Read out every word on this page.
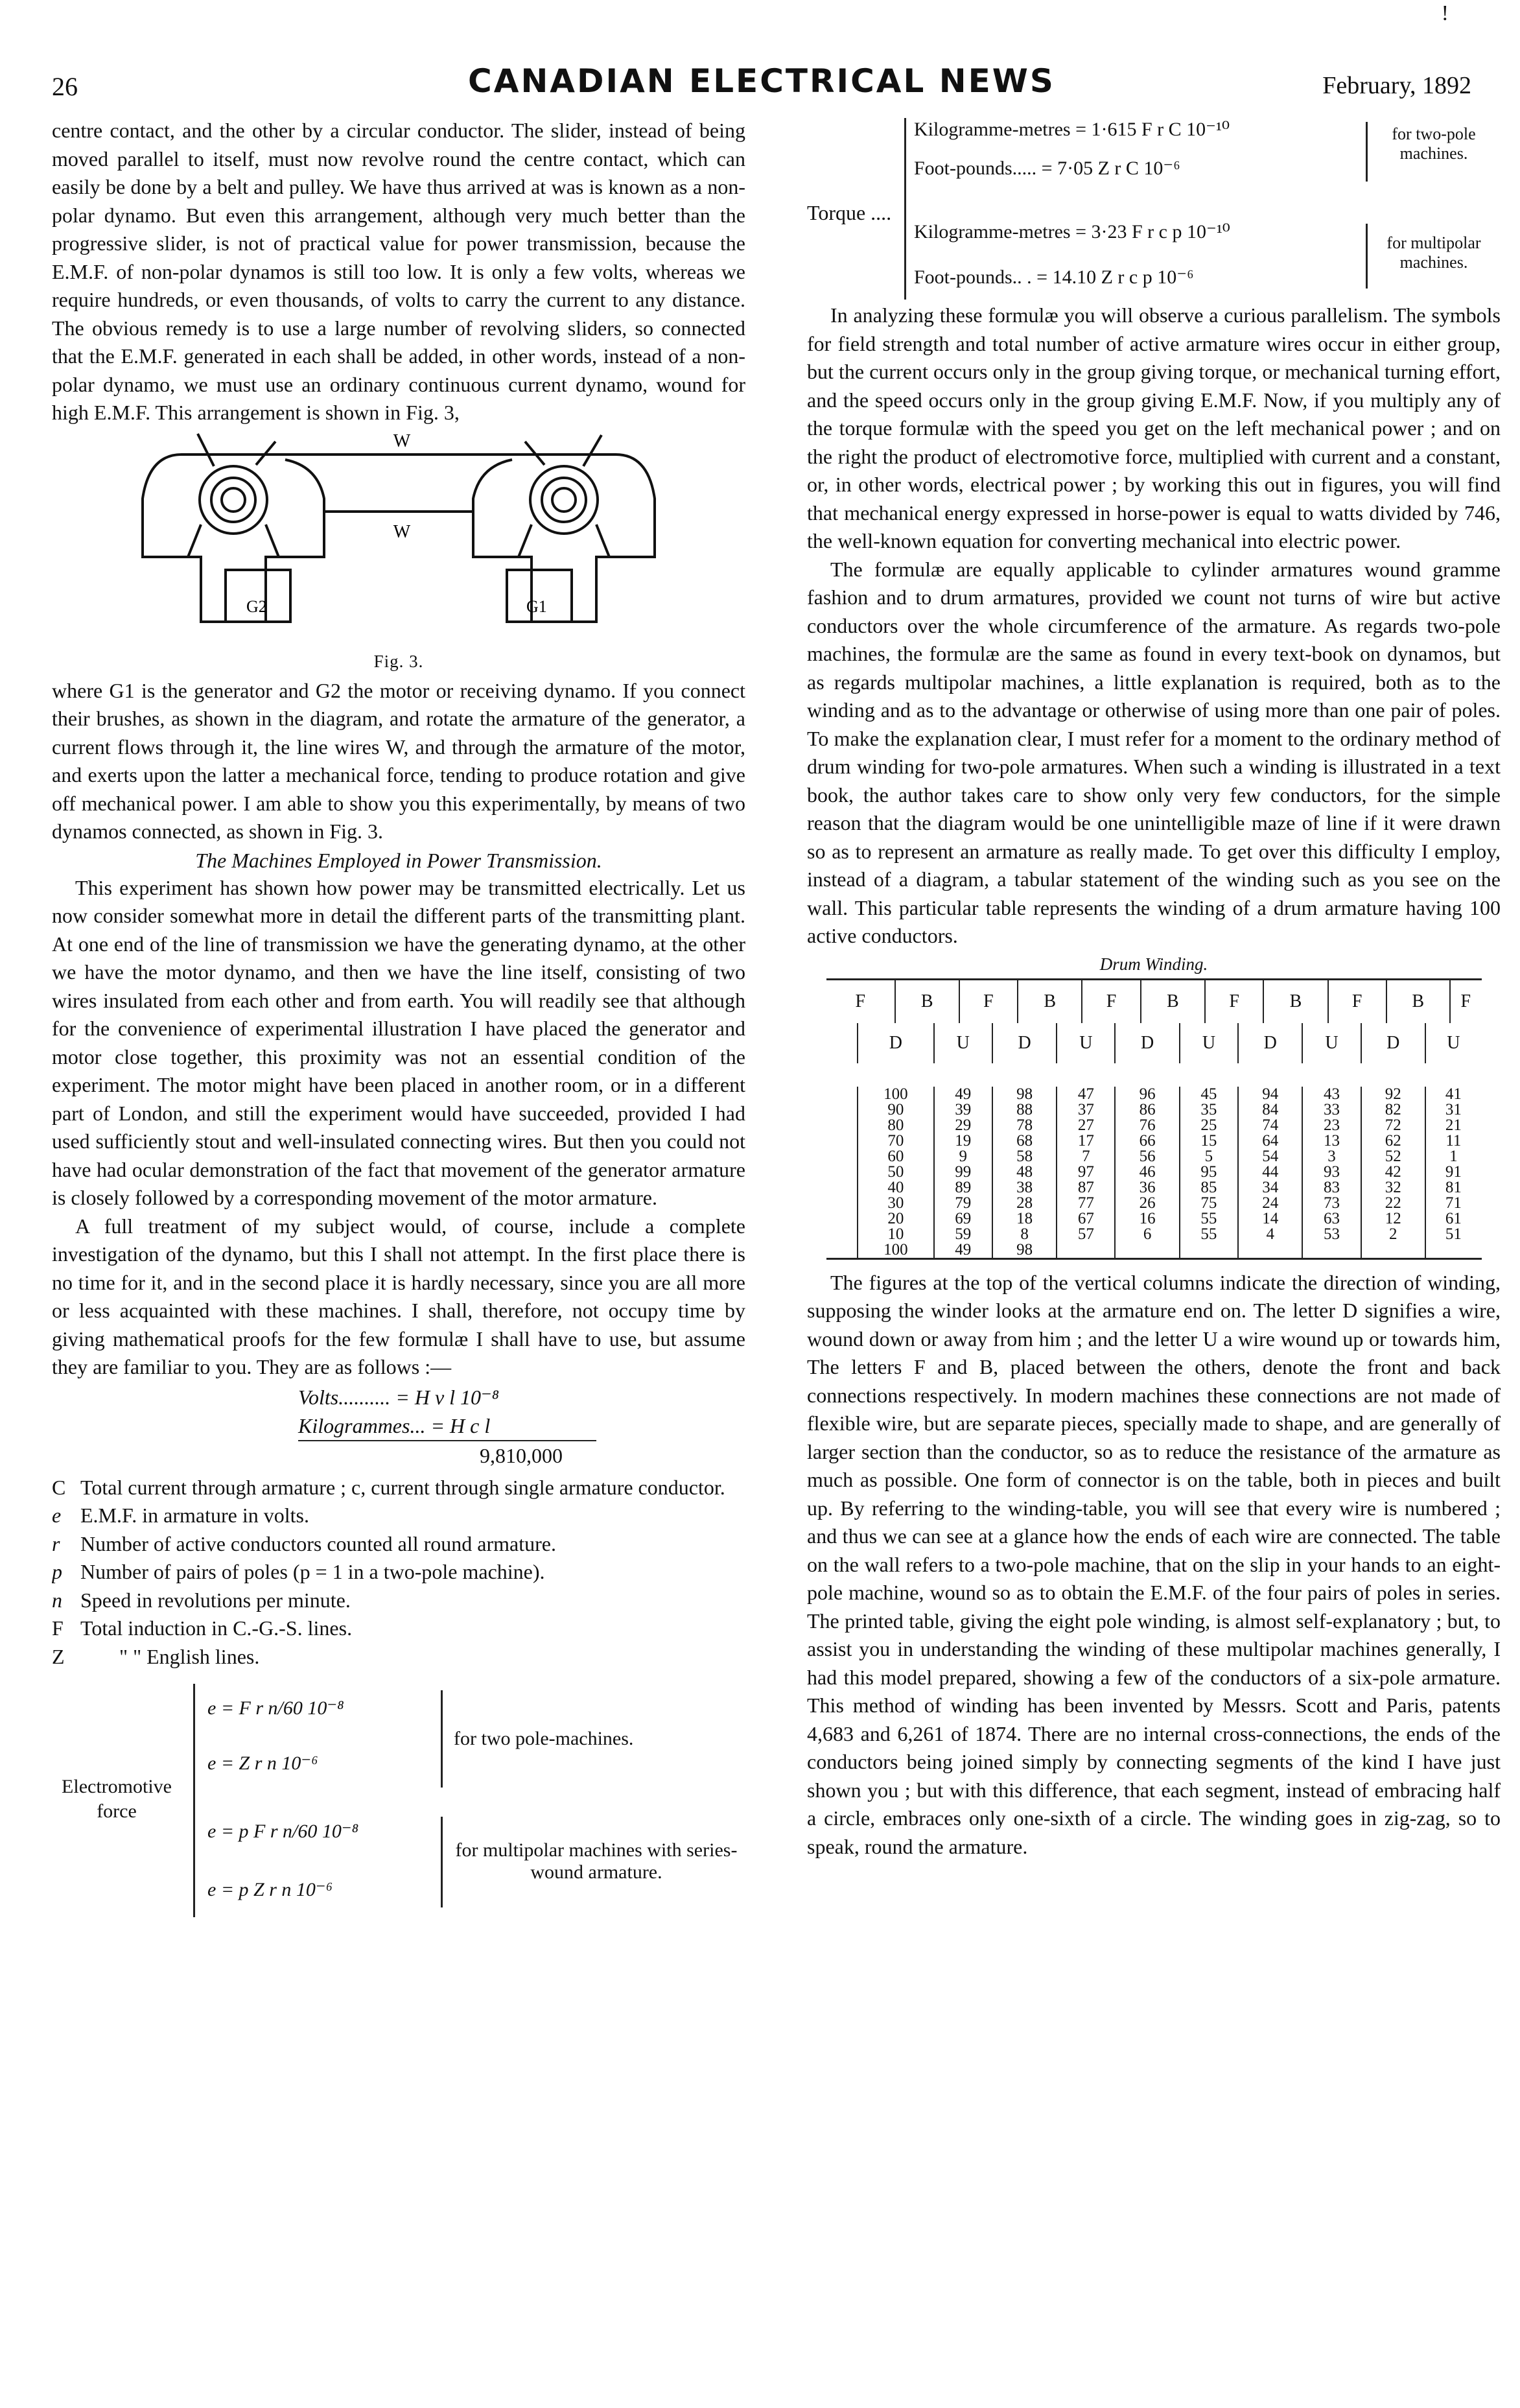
26	CANADIAN ELECTRICAL NEWS	February, 1892
!

centre contact, and the other by a circular conductor. The slider, instead of being moved parallel to itself, must now revolve round the centre contact, which can easily be done by a belt and pulley. We have thus arrived at was is known as a non-polar dynamo. But even this arrangement, although very much better than the progressive slider, is not of practical value for power transmission, because the E.M.F. of non-polar dynamos is still too low. It is only a few volts, whereas we require hundreds, or even thousands, of volts to carry the current to any distance. The obvious remedy is to use a large number of revolving sliders, so connected that the E.M.F. generated in each shall be added, in other words, instead of a non-polar dynamo, we must use an ordinary continuous current dynamo, wound for high E.M.F. This arrangement is shown in Fig. 3,

W
W
G2	G1
Fig. 3.

where G1 is the generator and G2 the motor or receiving dynamo. If you connect their brushes, as shown in the diagram, and rotate the armature of the generator, a current flows through it, the line wires W, and through the armature of the motor, and exerts upon the latter a mechanical force, tending to produce rotation and give off mechanical power. I am able to show you this experimentally, by means of two dynamos connected, as shown in Fig. 3.

The Machines Employed in Power Transmission.

This experiment has shown how power may be transmitted electrically. Let us now consider somewhat more in detail the different parts of the transmitting plant. At one end of the line of transmission we have the generating dynamo, at the other we have the motor dynamo, and then we have the line itself, consisting of two wires insulated from each other and from earth. You will readily see that although for the convenience of experimental illustration I have placed the generator and motor close together, this proximity was not an essential condition of the experiment. The motor might have been placed in another room, or in a different part of London, and still the experiment would have succeeded, provided I had used sufficiently stout and well-insulated connecting wires. But then you could not have had ocular demonstration of the fact that movement of the generator armature is closely followed by a corresponding movement of the motor armature.

A full treatment of my subject would, of course, include a complete investigation of the dynamo, but this I shall not attempt. In the first place there is no time for it, and in the second place it is hardly necessary, since you are all more or less acquainted with these machines. I shall, therefore, not occupy time by giving mathematical proofs for the few formulæ I shall have to use, but assume they are familiar to you. They are as follows :—

Volts.......... = H v l 10⁻⁸

Kilogrammes... = H c l

9,810,000

C Total current through armature ; c, current through single armature conductor.

e E.M.F. in armature in volts.

r Number of active conductors counted all round armature.

p Number of pairs of poles (p = 1 in a two-pole machine).

n Speed in revolutions per minute.

F Total induction in C.-G.-S. lines.

Z	" " English lines.

Electromotive force
e = F r n/60 10⁻⁸
e = Z r n 10⁻⁶
e = p F r n/60 10⁻⁸
e = p Z r n 10⁻⁶
for two pole-machines.
for multipolar machines with series-wound armature.
Torque ....
Kilogramme-metres = 1·615 F r C 10⁻¹⁰
Foot-pounds..... = 7·05 Z r C 10⁻⁶
Kilogramme-metres = 3·23 F r c p 10⁻¹⁰
Foot-pounds.. . = 14.10 Z r c p 10⁻⁶
for two-pole machines.
for multipolar machines.

In analyzing these formulæ you will observe a curious parallelism. The symbols for field strength and total number of active armature wires occur in either group, but the current occurs only in the group giving torque, or mechanical turning effort, and the speed occurs only in the group giving E.M.F. Now, if you multiply any of the torque formulæ with the speed you get on the left mechanical power ; and on the right the product of electromotive force, multiplied with current and a constant, or, in other words, electrical power ; by working this out in figures, you will find that mechanical energy expressed in horse-power is equal to watts divided by 746, the well-known equation for converting mechanical into electric power.

The formulæ are equally applicable to cylinder armatures wound gramme fashion and to drum armatures, provided we count not turns of wire but active conductors over the whole circumference of the armature. As regards two-pole machines, the formulæ are the same as found in every text-book on dynamos, but as regards multipolar machines, a little explanation is required, both as to the winding and as to the advantage or otherwise of using more than one pair of poles. To make the explanation clear, I must refer for a moment to the ordinary method of drum winding for two-pole armatures. When such a winding is illustrated in a text book, the author takes care to show only very few conductors, for the simple reason that the diagram would be one unintelligible maze of line if it were drawn so as to represent an armature as really made. To get over this difficulty I employ, instead of a diagram, a tabular statement of the winding such as you see on the wall. This particular table represents the winding of a drum armature having 100 active conductors.

Drum Winding.
F		B		F		B		F		B		F		B		F		B		F	
	D		U		D		U		D		U		D		U		D		U		

	100		49		98		47		96		45		94		43		92		41		
	90		39		88		37		86		35		84		33		82		31		
	80		29		78		27		76		25		74		23		72		21		
	70		19		68		17		66		15		64		13		62		11		
	60		9		58		7		56		5		54		3		52		1		
	50		99		48		97		46		95		44		93		42		91		
	40		89		38		87		36		85		34		83		32		81		
	30		79		28		77		26		75		24		73		22		71		
	20		69		18		67		16		55		14		63		12		61		
	10		59		8		57		6		55		4		53		2		51		
	100		49		98																

The figures at the top of the vertical columns indicate the direction of winding, supposing the winder looks at the armature end on. The letter D signifies a wire, wound down or away from him ; and the letter U a wire wound up or towards him, The letters F and B, placed between the others, denote the front and back connections respectively. In modern machines these connections are not made of flexible wire, but are separate pieces, specially made to shape, and are generally of larger section than the conductor, so as to reduce the resistance of the armature as much as possible. One form of connector is on the table, both in pieces and built up. By referring to the winding-table, you will see that every wire is numbered ; and thus we can see at a glance how the ends of each wire are connected. The table on the wall refers to a two-pole machine, that on the slip in your hands to an eight-pole machine, wound so as to obtain the E.M.F. of the four pairs of poles in series. The printed table, giving the eight pole winding, is almost self-explanatory ; but, to assist you in understanding the winding of these multipolar machines generally, I had this model prepared, showing a few of the conductors of a six-pole armature. This method of winding has been invented by Messrs. Scott and Paris, patents 4,683 and 6,261 of 1874. There are no internal cross-connections, the ends of the conductors being joined simply by connecting segments of the kind I have just shown you ; but with this difference, that each segment, instead of embracing half a circle, embraces only one-sixth of a circle. The winding goes in zig-zag, so to speak, round the armature.
